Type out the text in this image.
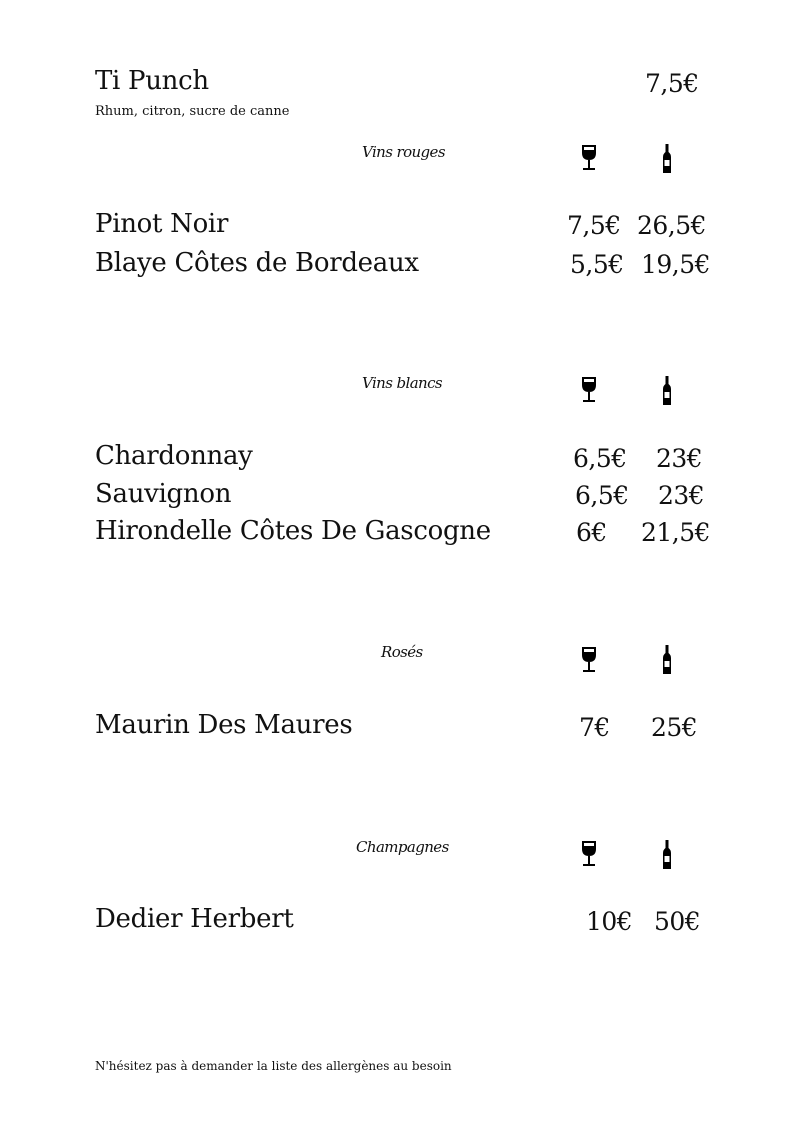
Ti Punch	7,5€
Rhum, citron, sucre de canne
Vins rouges
Pinot Noir	7,5€ 26,5€
Blaye Côtes de Bordeaux	5,5€ 19,5€
Vins blancs
Chardonnay	6,5€ 23€
Sauvignon	6,5€ 23€
Hirondelle Côtes De Gascogne	6€ 21,5€
Rosés
Maurin Des Maures	7€ 25€
Champagnes
Dedier Herbert	10€ 50€
N'hésitez pas à demander la liste des allergènes au besoin
